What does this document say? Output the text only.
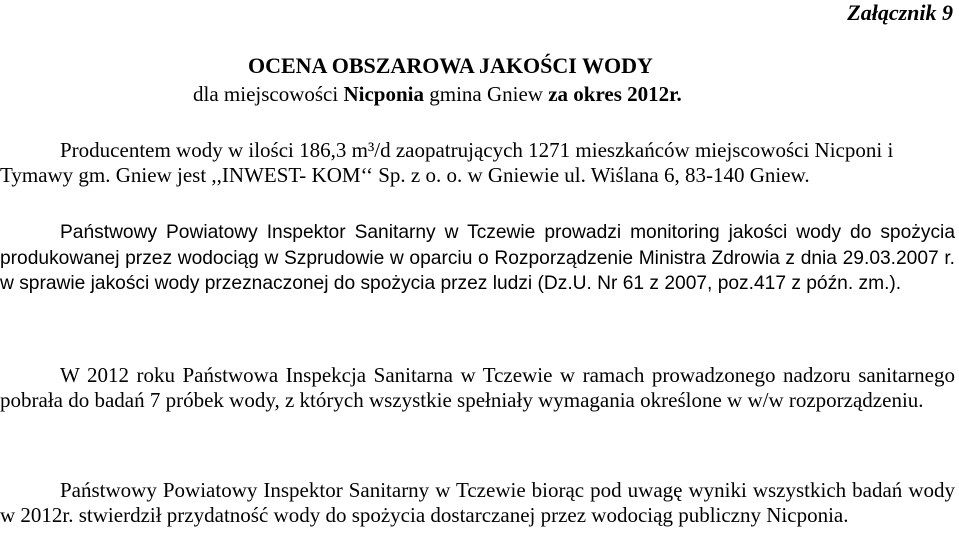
Załącznik 9
OCENA OBSZAROWA JAKOŚCI WODY
dla miejscowości Nicponia gmina Gniew za okres 2012r.
Producentem wody w ilości 186,3 m³/d zaopatrujących 1271 mieszkańców miejscowości Nicponi i Tymawy gm. Gniew jest ,,INWEST- KOM‘‘ Sp. z o. o. w Gniewie ul. Wiślana 6, 83-140 Gniew.
Państwowy Powiatowy Inspektor Sanitarny w Tczewie prowadzi monitoring jakości wody do spożycia produkowanej przez wodociąg w Szprudowie w oparciu o Rozporządzenie Ministra Zdrowia z dnia 29.03.2007 r. w sprawie jakości wody przeznaczonej do spożycia przez ludzi (Dz.U. Nr 61 z 2007, poz.417 z późn. zm.).
W 2012 roku Państwowa Inspekcja Sanitarna w Tczewie w ramach prowadzonego nadzoru sanitarnego pobrała do badań 7 próbek wody, z których wszystkie spełniały wymagania określone w w/w rozporządzeniu.
Państwowy Powiatowy Inspektor Sanitarny w Tczewie biorąc pod uwagę wyniki wszystkich badań wody w 2012r. stwierdził przydatność wody do spożycia dostarczanej przez wodociąg publiczny Nicponia.
